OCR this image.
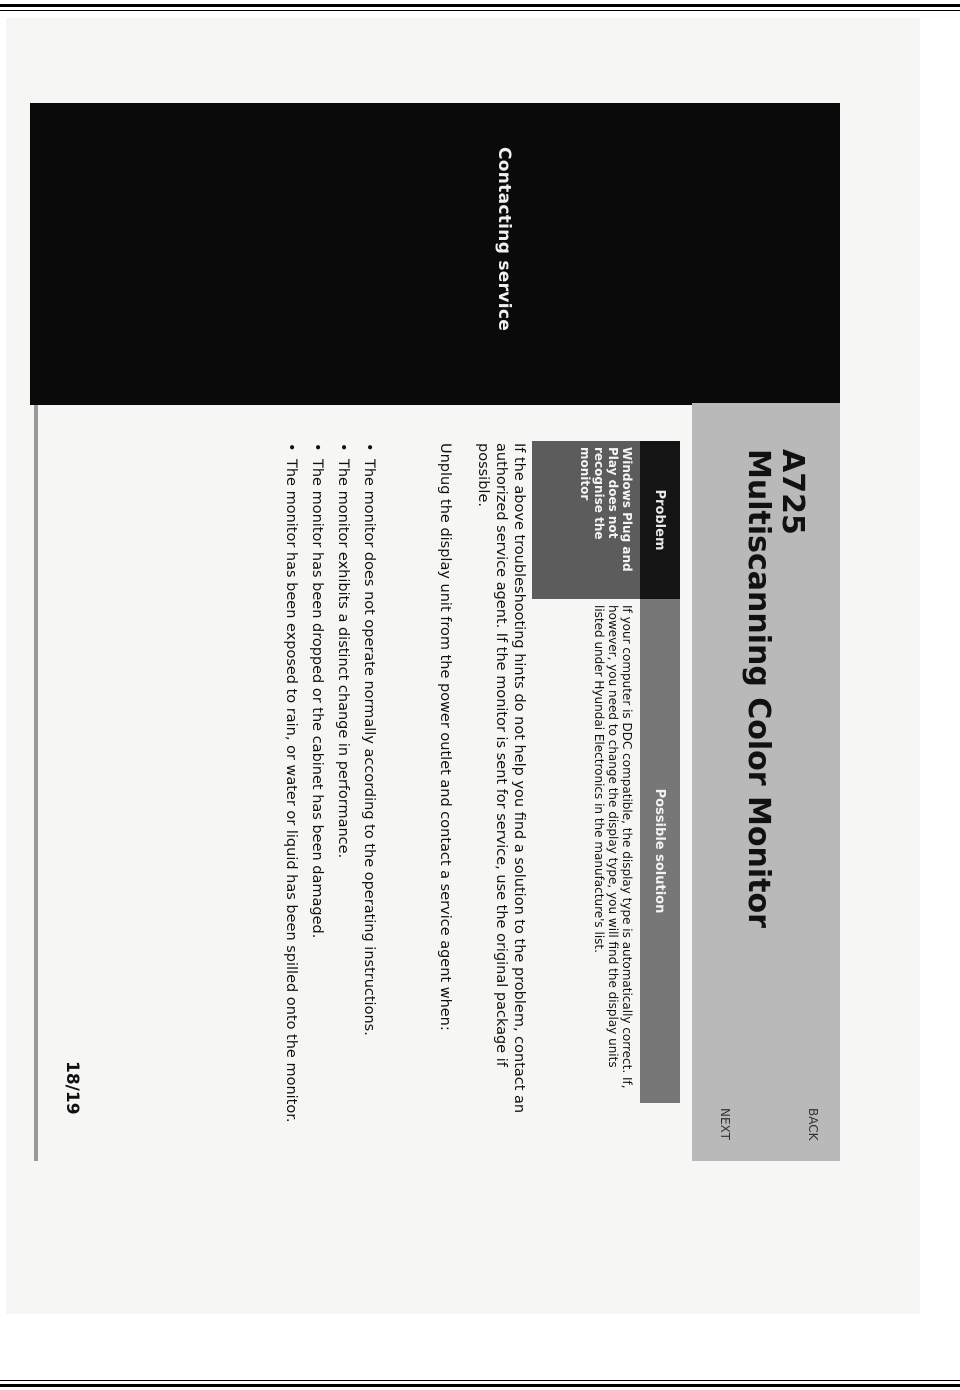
Contacting service
A725
Multiscanning Color Monitor
BACK
NEXT
Problem
Possible solution
Windows Plug and Play does not recognise the monitor
If your computer is DDC compatible, the display type is automatically correct. If, however, you need to change the display type, you will find the display units listed under Hyundai Electronics in the manufacture's list.

If the above troubleshooting hints do not help you find a solution to the problem, contact an authorized service agent. If the monitor is sent for service, use the original package if possible.

Unplug the display unit from the power outlet and contact a service agent when:

•
The monitor does not operate normally according to the operating instructions.
•
The monitor exhibits a distinct change in performance.
•
The monitor has been dropped or the cabinet has been damaged.
•
The monitor has been exposed to rain, or water or liquid has been spilled onto the monitor.
18/19
